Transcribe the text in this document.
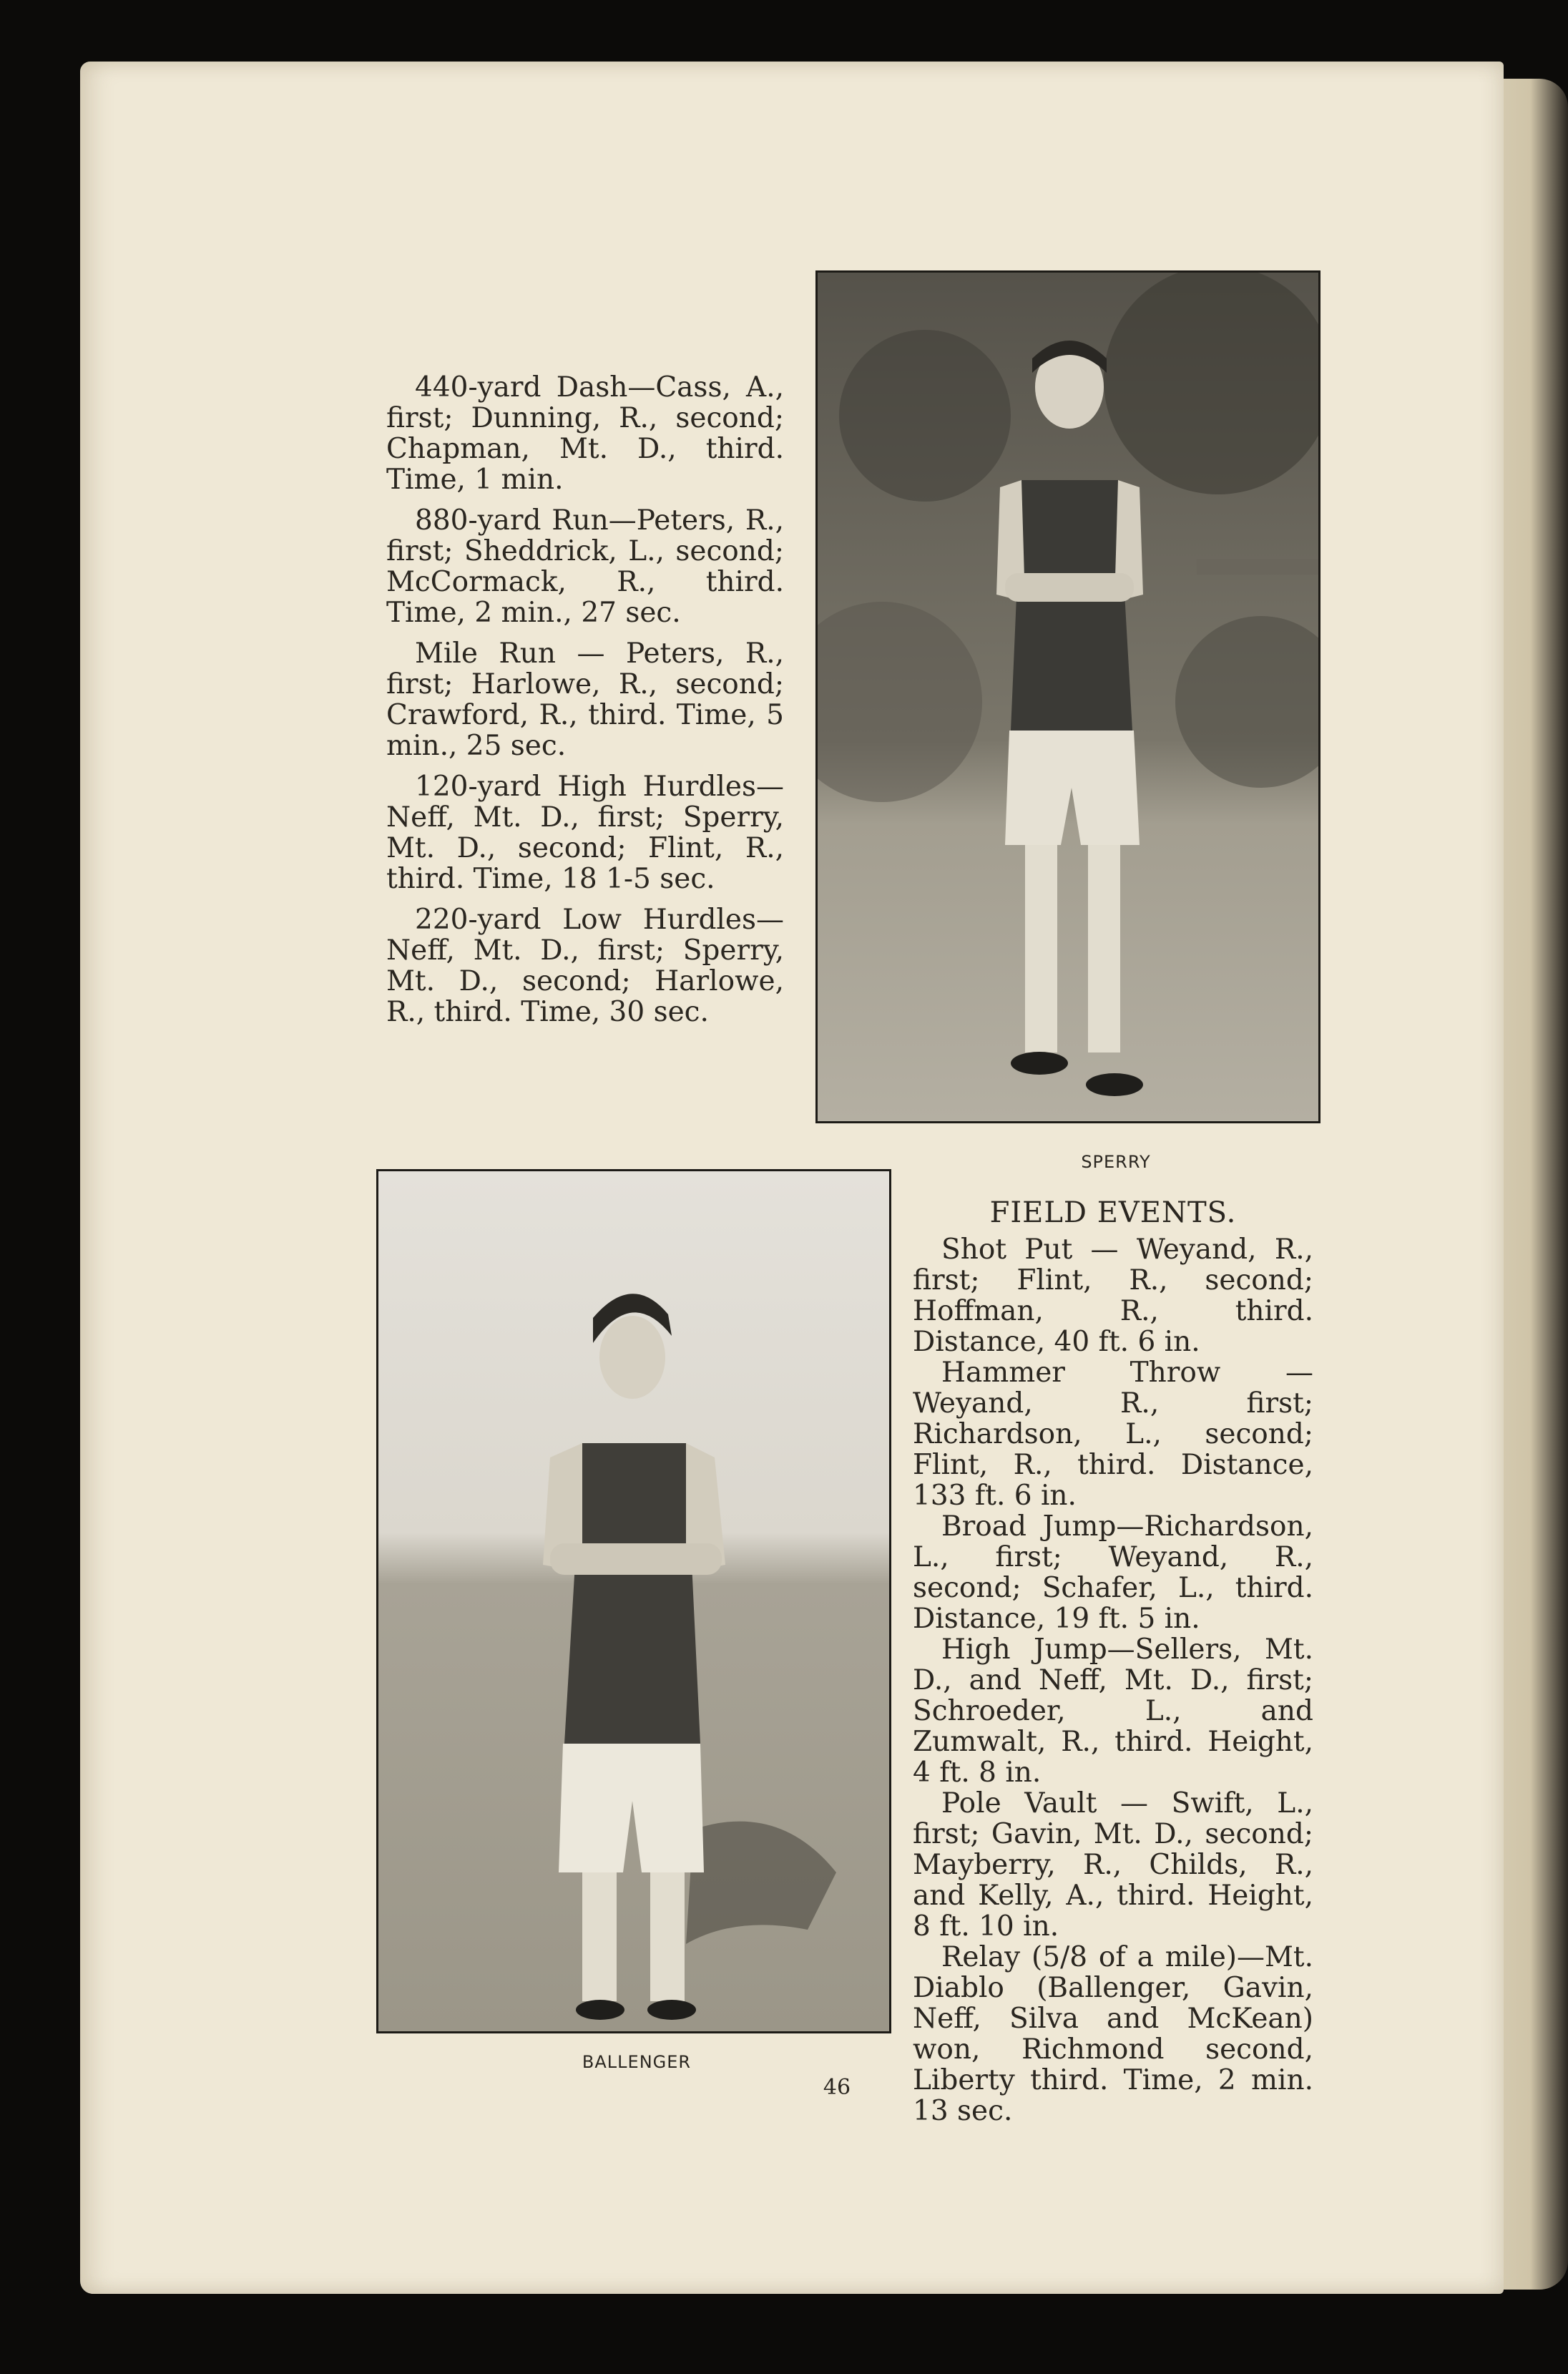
440-yard Dash—Cass, A., first; Dunning, R., second; Chapman, Mt. D., third. Time, 1 min.

880-yard Run—Peters, R., first; Sheddrick, L., second; McCormack, R., third. Time, 2 min., 27 sec.

Mile Run — Peters, R., first; Harlowe, R., second; Crawford, R., third. Time, 5 min., 25 sec.

120-yard High Hurdles—Neff, Mt. D., first; Sperry, Mt. D., second; Flint, R., third. Time, 18 1-5 sec.

220-yard Low Hurdles—Neff, Mt. D., first; Sperry, Mt. D., second; Harlowe, R., third. Time, 30 sec.

SPERRY
BALLENGER
FIELD EVENTS.

Shot Put — Weyand, R., first; Flint, R., second; Hoffman, R., third. Distance, 40 ft. 6 in.

Hammer Throw — Weyand, R., first; Richardson, L., second; Flint, R., third. Distance, 133 ft. 6 in.

Broad Jump—Richardson, L., first; Weyand, R., second; Schafer, L., third. Distance, 19 ft. 5 in.

High Jump—Sellers, Mt. D., and Neff, Mt. D., first; Schroeder, L., and Zumwalt, R., third. Height, 4 ft. 8 in.

Pole Vault — Swift, L., first; Gavin, Mt. D., second; Mayberry, R., Childs, R., and Kelly, A., third. Height, 8 ft. 10 in.

Relay (5/8 of a mile)—Mt. Diablo (Ballenger, Gavin, Neff, Silva and McKean) won, Richmond second, Liberty third. Time, 2 min. 13 sec.

46
